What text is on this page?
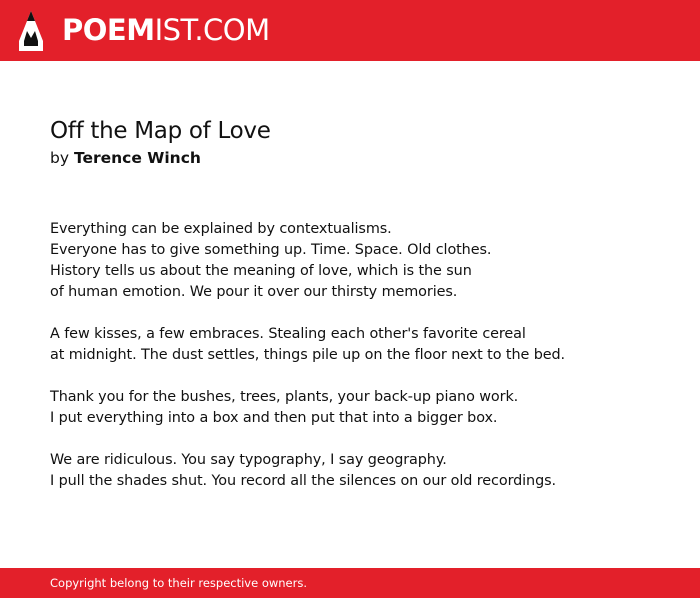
POEMIST.COM
Off the Map of Love

by Terence Winch

Everything can be explained by contextualisms.
Everyone has to give something up. Time. Space. Old clothes.
History tells us about the meaning of love, which is the sun
of human emotion. We pour it over our thirsty memories.
A few kisses, a few embraces. Stealing each other's favorite cereal
at midnight. The dust settles, things pile up on the floor next to the bed.
Thank you for the bushes, trees, plants, your back-up piano work.
I put everything into a box and then put that into a bigger box.
We are ridiculous. You say typography, I say geography.
I pull the shades shut. You record all the silences on our old recordings.
Copyright belong to their respective owners.
